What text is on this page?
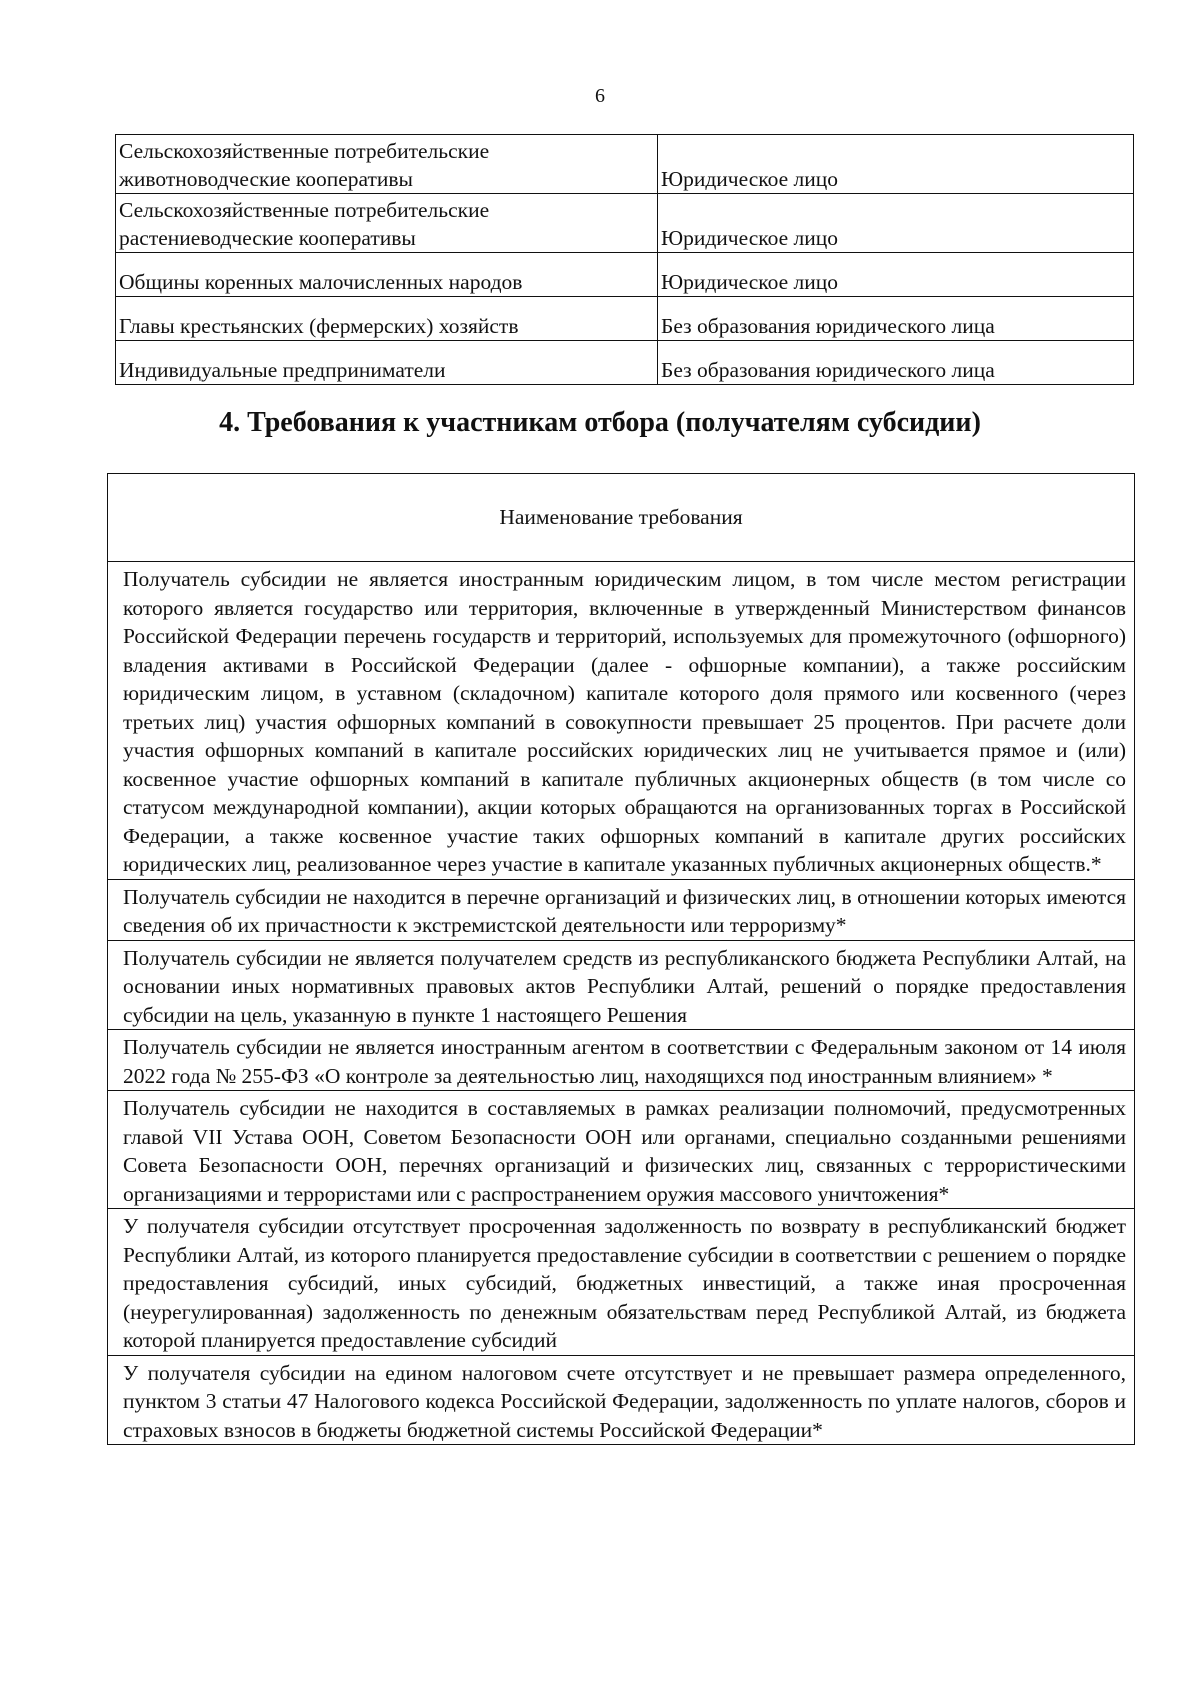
6
Сельскохозяйственные потребительские животноводческие кооперативы	Юридическое лицо
Сельскохозяйственные потребительские растениеводческие кооперативы	Юридическое лицо
Общины коренных малочисленных народов	Юридическое лицо
Главы крестьянских (фермерских) хозяйств	Без образования юридического лица
Индивидуальные предприниматели	Без образования юридического лица
4. Требования к участникам отбора (получателям субсидии)
Наименование требования
Получатель субсидии не является иностранным юридическим лицом, в том числе местом регистрации которого является государство или территория, включенные в утвержденный Министерством финансов Российской Федерации перечень государств и территорий, используемых для промежуточного (офшорного) владения активами в Российской Федерации (далее - офшорные компании), а также российским юридическим лицом, в уставном (складочном) капитале которого доля прямого или косвенного (через третьих лиц) участия офшорных компаний в совокупности превышает 25 процентов. При расчете доли участия офшорных компаний в капитале российских юридических лиц не учитывается прямое и (или) косвенное участие офшорных компаний в капитале публичных акционерных обществ (в том числе со статусом международной компании), акции которых обращаются на организованных торгах в Российской Федерации, а также косвенное участие таких офшорных компаний в капитале других российских юридических лиц, реализованное через участие в капитале указанных публичных акционерных обществ.*
Получатель субсидии не находится в перечне организаций и физических лиц, в отношении которых имеются сведения об их причастности к экстремистской деятельности или терроризму*
Получатель субсидии не является получателем средств из республиканского бюджета Республики Алтай, на основании иных нормативных правовых актов Республики Алтай, решений о порядке предоставления субсидии на цель, указанную в пункте 1 настоящего Решения
Получатель субсидии не является иностранным агентом в соответствии с Федеральным законом от 14 июля 2022 года № 255-ФЗ «О контроле за деятельностью лиц, находящихся под иностранным влиянием» *
Получатель субсидии не находится в составляемых в рамках реализации полномочий, предусмотренных главой VII Устава ООН, Советом Безопасности ООН или органами, специально созданными решениями Совета Безопасности ООН, перечнях организаций и физических лиц, связанных с террористическими организациями и террористами или с распространением оружия массового уничтожения*
У получателя субсидии отсутствует просроченная задолженность по возврату в республиканский бюджет Республики Алтай, из которого планируется предоставление субсидии в соответствии с решением о порядке предоставления субсидий, иных субсидий, бюджетных инвестиций, а также иная просроченная (неурегулированная) задолженность по денежным обязательствам перед Республикой Алтай, из бюджета которой планируется предоставление субсидий
У получателя субсидии на едином налоговом счете отсутствует и не превышает размера определенного, пунктом 3 статьи 47 Налогового кодекса Российской Федерации, задолженность по уплате налогов, сборов и страховых взносов в бюджеты бюджетной системы Российской Федерации*
